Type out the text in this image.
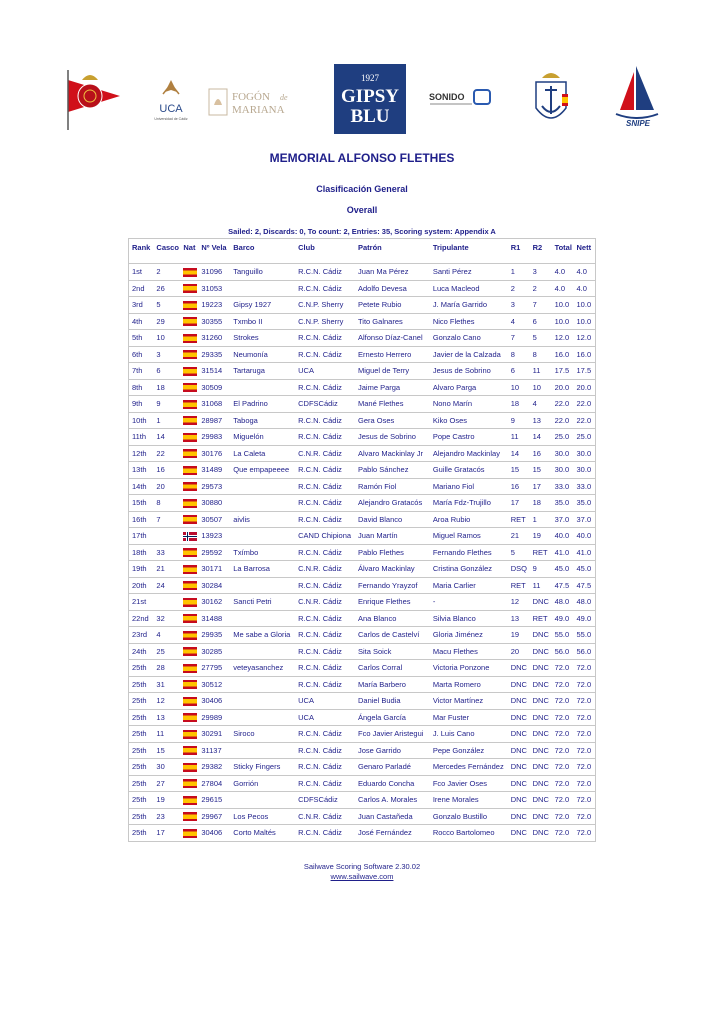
UCA
Universidad de Cádiz
FOGÓN de
MARIANA
1927
GIPSY
BLU
SONIDO
SNIPE
MEMORIAL ALFONSO FLETHES
Clasificación General
Overall
Sailed: 2, Discards: 0, To count: 2, Entries: 35, Scoring system: Appendix A
Rank	Casco	Nat	Nº Vela	Barco	Club	Patrón	Tripulante	R1	R2	Total	Nett

1st	2		31096	Tanguillo	R.C.N. Cádiz	Juan Ma Pérez	Santi Pérez	1	3	4.0	4.0
2nd	26		31053		R.C.N. Cádiz	Adolfo Devesa	Luca Macleod	2	2	4.0	4.0
3rd	5		19223	Gipsy 1927	C.N.P. Sherry	Petete Rubio	J. María Garrido	3	7	10.0	10.0
4th	29		30355	Txmbo II	C.N.P. Sherry	Tito Galnares	Nico Flethes	4	6	10.0	10.0
5th	10		31260	Strokes	R.C.N. Cádiz	Alfonso Díaz-Canel	Gonzalo Cano	7	5	12.0	12.0
6th	3		29335	Neumonía	R.C.N. Cádiz	Ernesto Herrero	Javier de la Calzada	8	8	16.0	16.0
7th	6		31514	Tartaruga	UCA	Miguel de Terry	Jesus de Sobrino	6	11	17.5	17.5
8th	18		30509		R.C.N. Cádiz	Jaime Parga	Alvaro Parga	10	10	20.0	20.0
9th	9		31068	El Padrino	CDFSCádiz	Mané Flethes	Nono Marín	18	4	22.0	22.0
10th	1		28987	Taboga	R.C.N. Cádiz	Gera Oses	Kiko Oses	9	13	22.0	22.0
11th	14		29983	Miguelón	R.C.N. Cádiz	Jesus de Sobrino	Pope Castro	11	14	25.0	25.0
12th	22		30176	La Caleta	C.N.R. Cádiz	Alvaro Mackinlay Jr	Alejandro Mackinlay	14	16	30.0	30.0
13th	16		31489	Que empapeeee	R.C.N. Cádiz	Pablo Sánchez	Guille Gratacós	15	15	30.0	30.0
14th	20		29573		R.C.N. Cádiz	Ramón Fiol	Mariano Fiol	16	17	33.0	33.0
15th	8		30880		R.C.N. Cádiz	Alejandro Gratacós	María Fdz-Trujillo	17	18	35.0	35.0
16th	7		30507	aivlis	R.C.N. Cádiz	David Blanco	Aroa Rubio	RET	1	37.0	37.0
17th			13923		CAND Chipiona	Juan Martín	Miguel Ramos	21	19	40.0	40.0
18th	33		29592	Txímbo	R.C.N. Cádiz	Pablo Flethes	Fernando Flethes	5	RET	41.0	41.0
19th	21		30171	La Barrosa	C.N.R. Cádiz	Álvaro Mackinlay	Cristina González	DSQ	9	45.0	45.0
20th	24		30284		R.C.N. Cádiz	Fernando Yrayzof	Maria Carlier	RET	11	47.5	47.5
21st			30162	Sancti Petri	C.N.R. Cádiz	Enrique Flethes	-	12	DNC	48.0	48.0
22nd	32		31488		R.C.N. Cádiz	Ana Blanco	Silvia Blanco	13	RET	49.0	49.0
23rd	4		29935	Me sabe a Gloria	R.C.N. Cádiz	Carlos de Castelví	Gloria Jiménez	19	DNC	55.0	55.0
24th	25		30285		R.C.N. Cádiz	Sita Soick	Macu Flethes	20	DNC	56.0	56.0
25th	28		27795	veteyasanchez	R.C.N. Cádiz	Carlos Corral	Victoria Ponzone	DNC	DNC	72.0	72.0
25th	31		30512		R.C.N. Cádiz	María Barbero	Marta Romero	DNC	DNC	72.0	72.0
25th	12		30406		UCA	Daniel Budia	Victor Martínez	DNC	DNC	72.0	72.0
25th	13		29989		UCA	Ángela García	Mar Fuster	DNC	DNC	72.0	72.0
25th	11		30291	Siroco	R.C.N. Cádiz	Fco Javier Aristegui	J. Luis Cano	DNC	DNC	72.0	72.0
25th	15		31137		R.C.N. Cádiz	Jose Garrido	Pepe González	DNC	DNC	72.0	72.0
25th	30		29382	Sticky Fingers	R.C.N. Cádiz	Genaro Parladé	Mercedes Fernández	DNC	DNC	72.0	72.0
25th	27		27804	Gorrión	R.C.N. Cádiz	Eduardo Concha	Fco Javier Oses	DNC	DNC	72.0	72.0
25th	19		29615		CDFSCádiz	Carlos A. Morales	Irene Morales	DNC	DNC	72.0	72.0
25th	23		29967	Los Pecos	C.N.R. Cádiz	Juan Castañeda	Gonzalo Bustillo	DNC	DNC	72.0	72.0
25th	17		30406	Corto Maltés	R.C.N. Cádiz	José Fernández	Rocco Bartolomeo	DNC	DNC	72.0	72.0
Sailwave Scoring Software 2.30.02
www.sailwave.com
